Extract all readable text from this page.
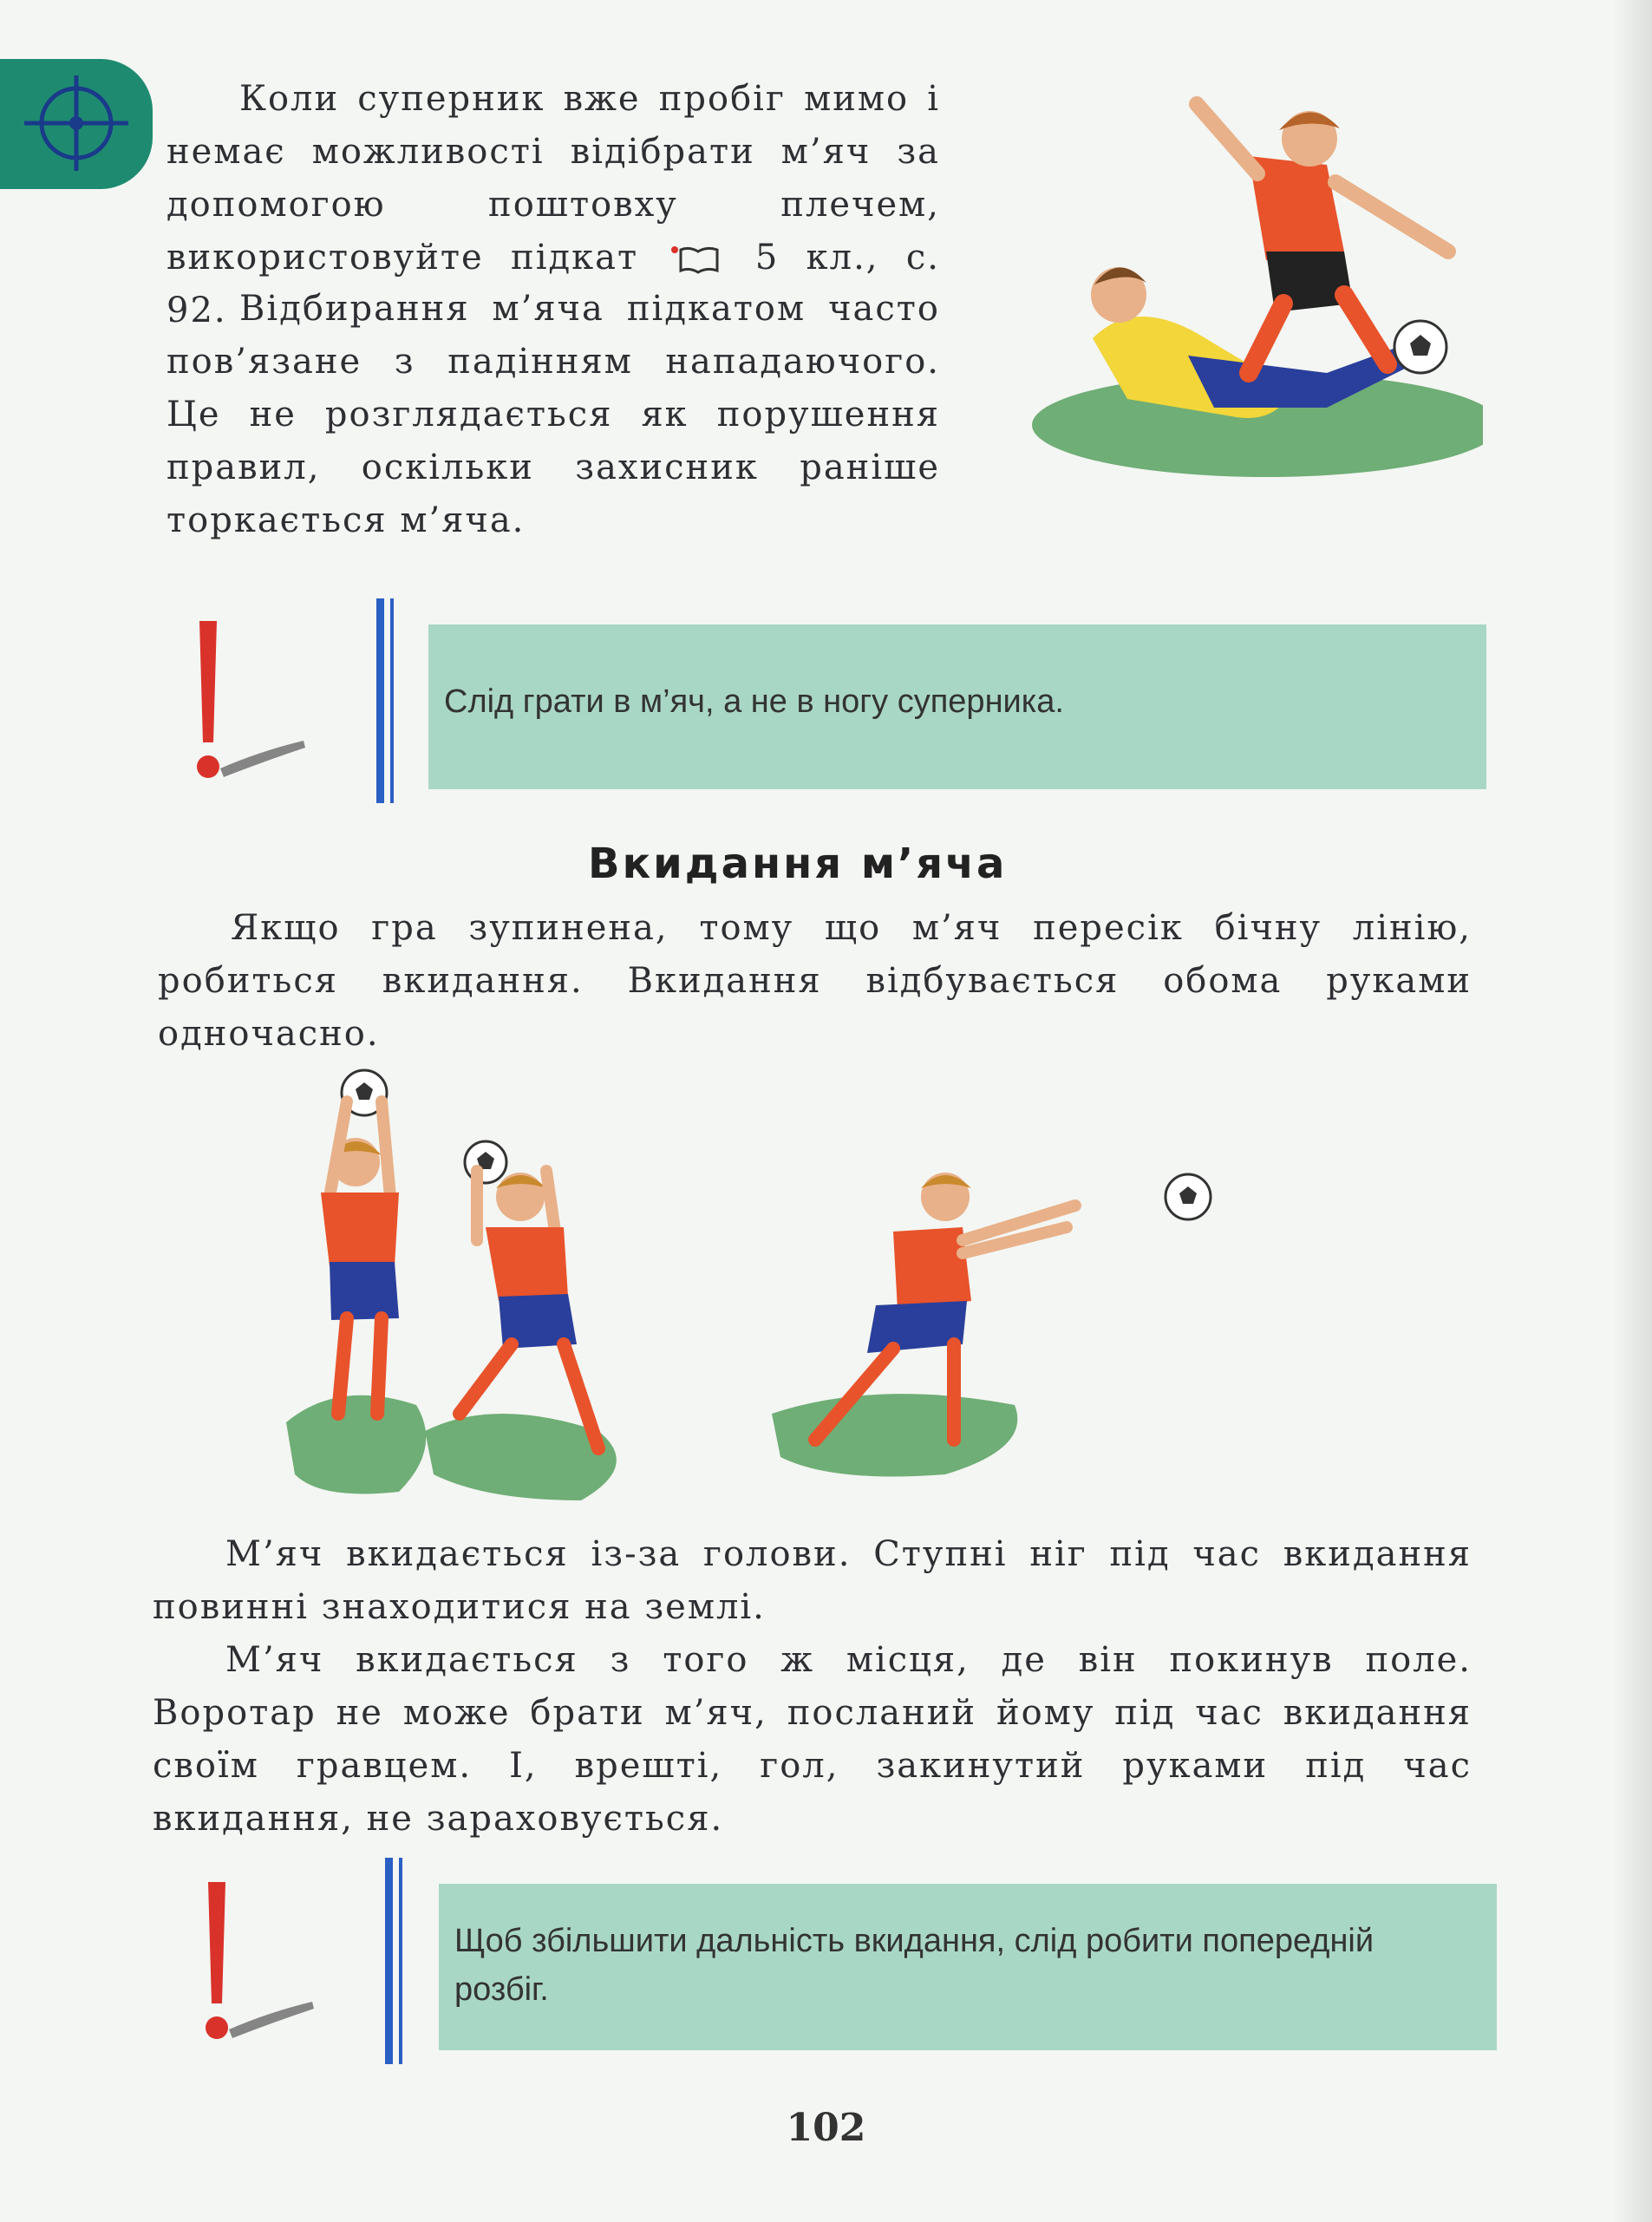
Коли суперник вже пробіг мимо і немає можливості відібрати м’яч за допомогою поштовху плечем, використовуйте підкат	5 кл., с. 92. Відбирання м’яча підкатом часто пов’язане з падінням нападаючого. Це не розглядається як порушення правил, оскільки захисник раніше торкається м’яча.
Слід грати в м’яч, а не в ногу суперника.
Вкидання м’яча
Якщо гра зупинена, тому що м’яч пересік бічну лінію, робиться вкидання. Вкидання відбувається обома руками одночасно.
М’яч вкидається із-за голови. Ступні ніг під час вкидання повинні знаходитися на землі.
М’яч вкидається з того ж місця, де він покинув поле. Воротар не може брати м’яч, посланий йому під час вкидання своїм гравцем. І, врешті, гол, закинутий руками під час вкидання, не зараховується.
Щоб збільшити дальність вкидання, слід робити попередній розбіг.
102
